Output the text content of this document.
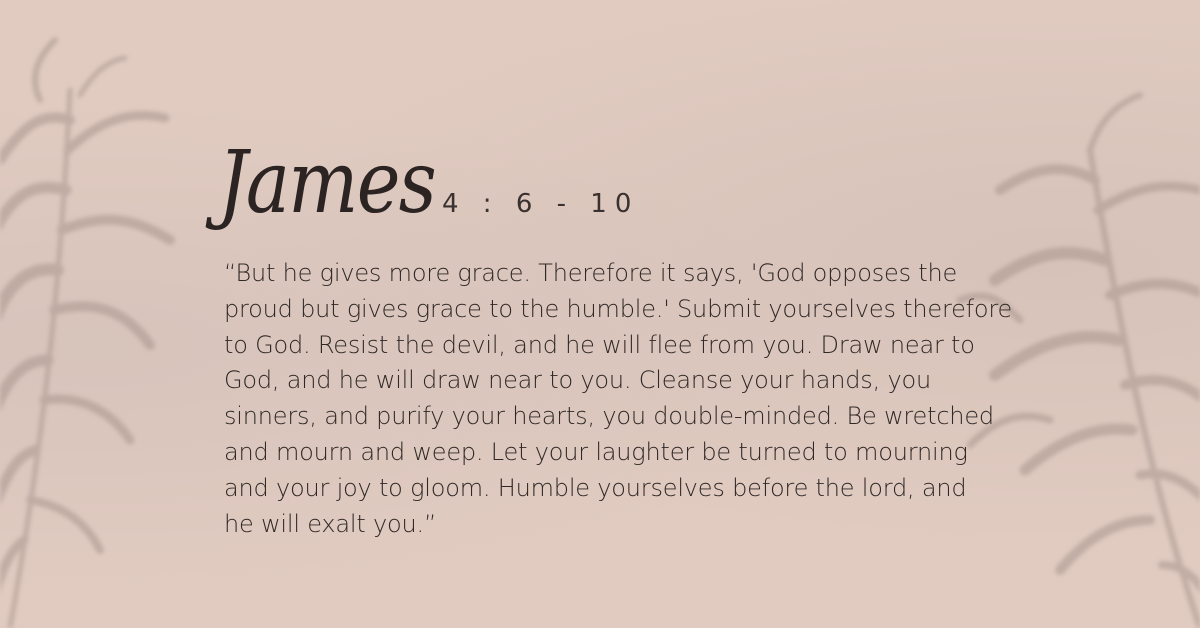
James 4 : 6 - 10

“But he gives more grace. Therefore it says, 'God opposes the
proud but gives grace to the humble.' Submit yourselves therefore
to God. Resist the devil, and he will flee from you. Draw near to
God, and he will draw near to you. Cleanse your hands, you
sinners, and purify your hearts, you double-minded. Be wretched
and mourn and weep. Let your laughter be turned to mourning
and your joy to gloom. Humble yourselves before the lord, and
he will exalt you.”
